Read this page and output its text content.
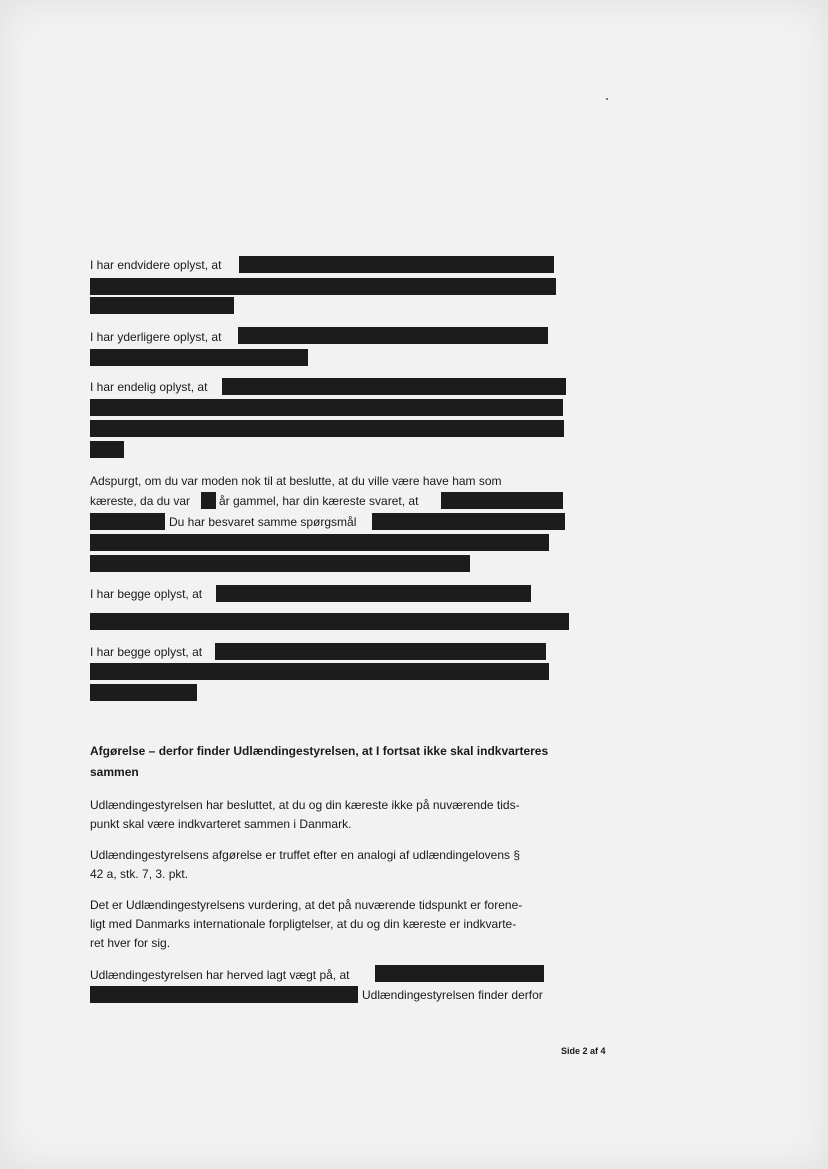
I har endvidere oplyst, at
I har yderligere oplyst, at
I har endelig oplyst, at
Adspurgt, om du var moden nok til at beslutte, at du ville være have ham som
kæreste, da du var år gammel, har din kæreste svaret, at
Du har besvaret samme spørgsmål
I har begge oplyst, at
I har begge oplyst, at
Afgørelse – derfor finder Udlændingestyrelsen, at I fortsat ikke skal indkvarteres
sammen
Udlændingestyrelsen har besluttet, at du og din kæreste ikke på nuværende tids-
punkt skal være indkvarteret sammen i Danmark.
Udlændingestyrelsens afgørelse er truffet efter en analogi af udlændingelovens §
42 a, stk. 7, 3. pkt.
Det er Udlændingestyrelsens vurdering, at det på nuværende tidspunkt er forene-
ligt med Danmarks internationale forpligtelser, at du og din kæreste er indkvarte-
ret hver for sig.
Udlændingestyrelsen har herved lagt vægt på, at
Udlændingestyrelsen finder derfor
Side 2 af 4
